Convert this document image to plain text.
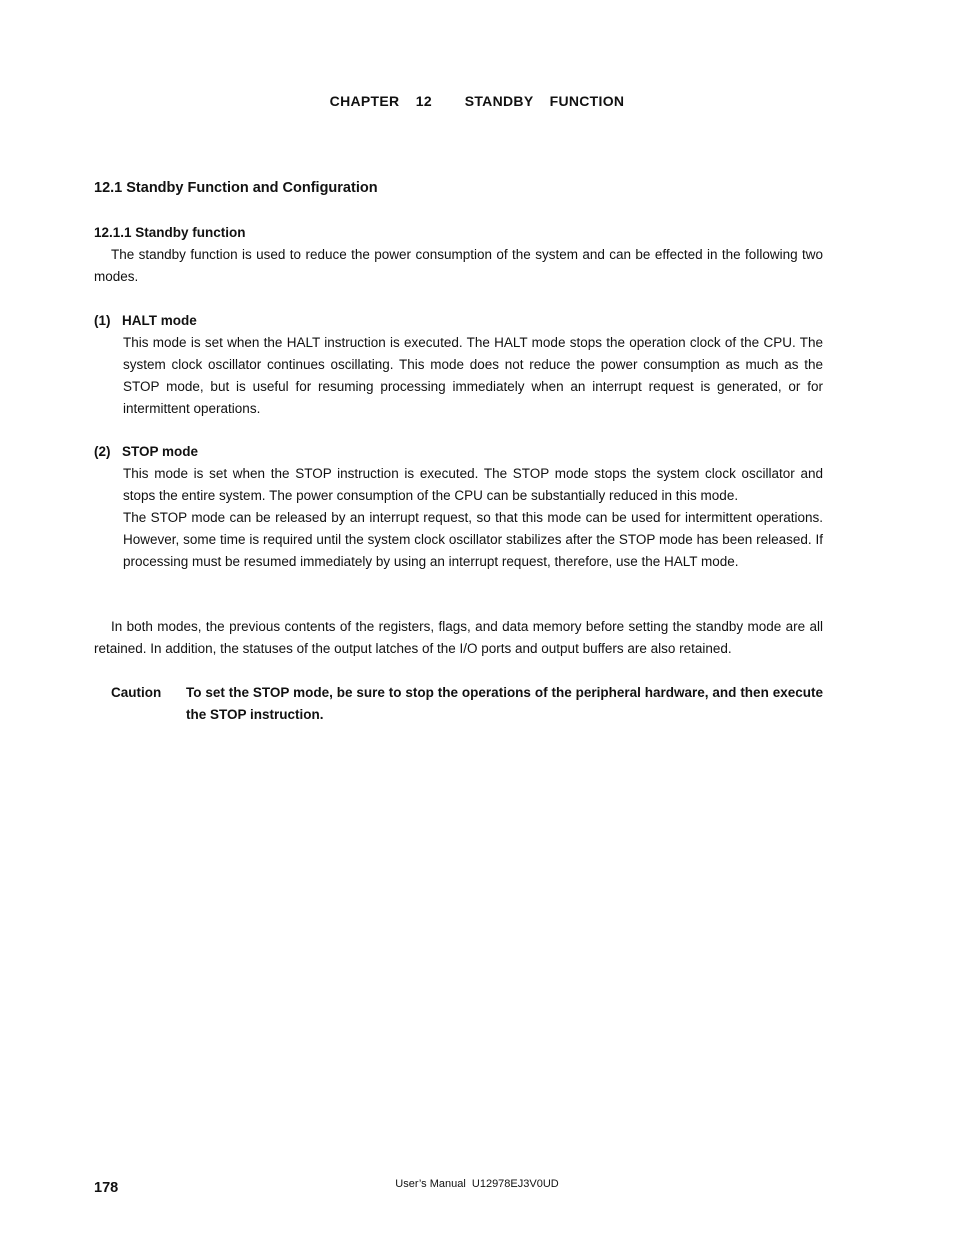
CHAPTER  12    STANDBY  FUNCTION
12.1 Standby Function and Configuration
12.1.1 Standby function
The standby function is used to reduce the power consumption of the system and can be effected in the following two modes.
(1) HALT mode
This mode is set when the HALT instruction is executed. The HALT mode stops the operation clock of the CPU. The system clock oscillator continues oscillating. This mode does not reduce the power consumption as much as the STOP mode, but is useful for resuming processing immediately when an interrupt request is generated, or for intermittent operations.
(2) STOP mode
This mode is set when the STOP instruction is executed. The STOP mode stops the system clock oscillator and stops the entire system. The power consumption of the CPU can be substantially reduced in this mode.
The STOP mode can be released by an interrupt request, so that this mode can be used for intermittent operations. However, some time is required until the system clock oscillator stabilizes after the STOP mode has been released. If processing must be resumed immediately by using an interrupt request, therefore, use the HALT mode.
In both modes, the previous contents of the registers, flags, and data memory before setting the standby mode are all retained. In addition, the statuses of the output latches of the I/O ports and output buffers are also retained.
Caution To set the STOP mode, be sure to stop the operations of the peripheral hardware, and then execute the STOP instruction.
178	User’s Manual  U12978EJ3V0UD
